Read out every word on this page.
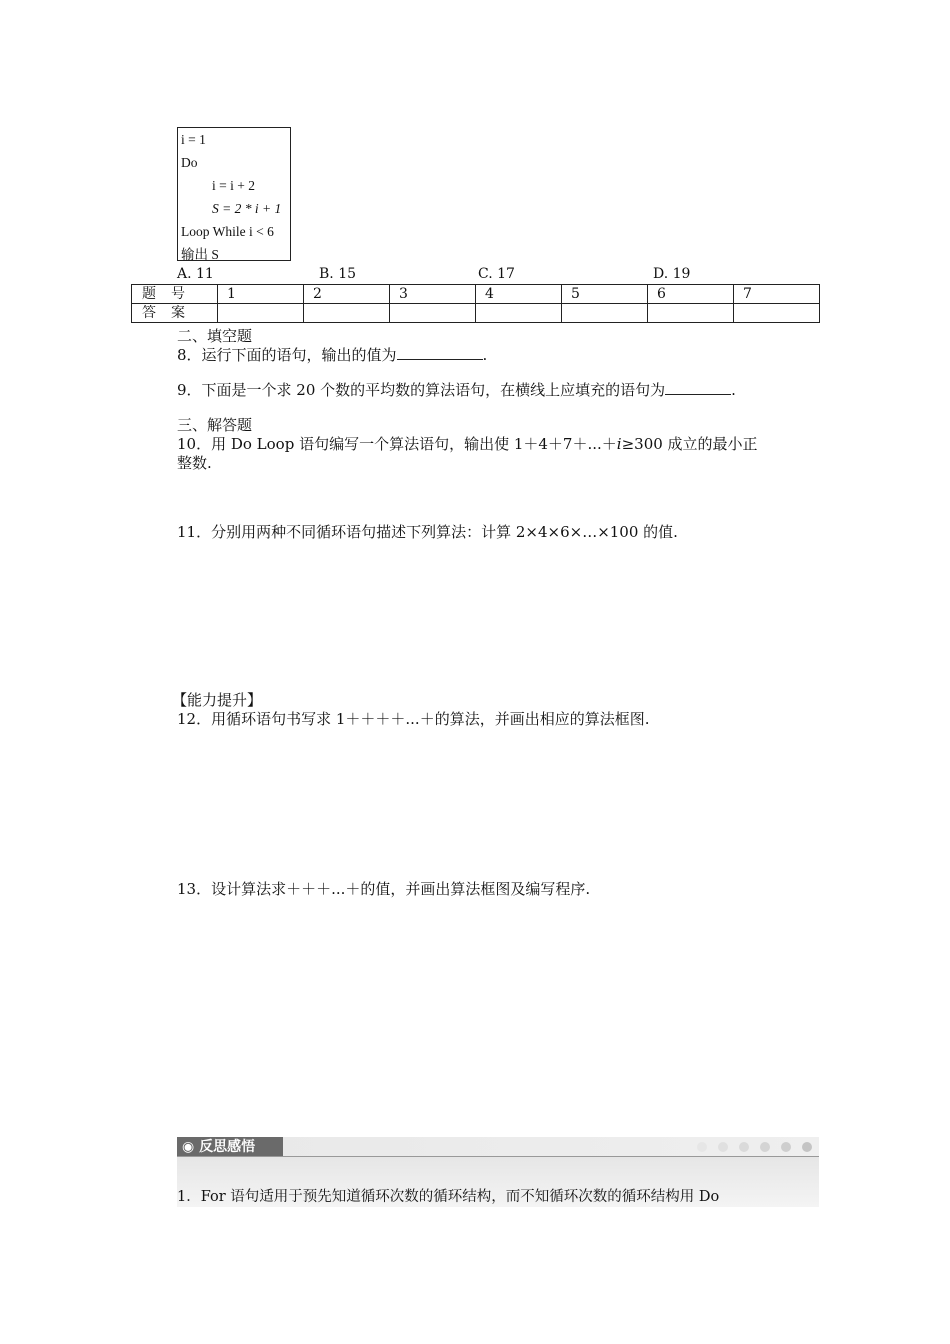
i = 1
Do
i = i + 2
S = 2 * i + 1
Loop While i < 6
输出 S
A. 11	B. 15	C. 17	D. 19
题号	1	2	3	4	5	6	7
答案							
二、填空题
8．运行下面的语句，输出的值为	.
9．下面是一个求 20 个数的平均数的算法语句，在横线上应填充的语句为	.
三、解答题
10．用 Do Loop 语句编写一个算法语句，输出使 1＋4＋7＋...＋i≥300 成立的最小正
整数.
11．分别用两种不同循环语句描述下列算法：计算 2×4×6×…×100 的值.
【能力提升】
12．用循环语句书写求 1＋＋＋＋...＋的算法，并画出相应的算法框图.
13．设计算法求＋＋＋...＋的值，并画出算法框图及编写程序.
◉ 反思感悟
1．For 语句适用于预先知道循环次数的循环结构，而不知循环次数的循环结构用 Do
